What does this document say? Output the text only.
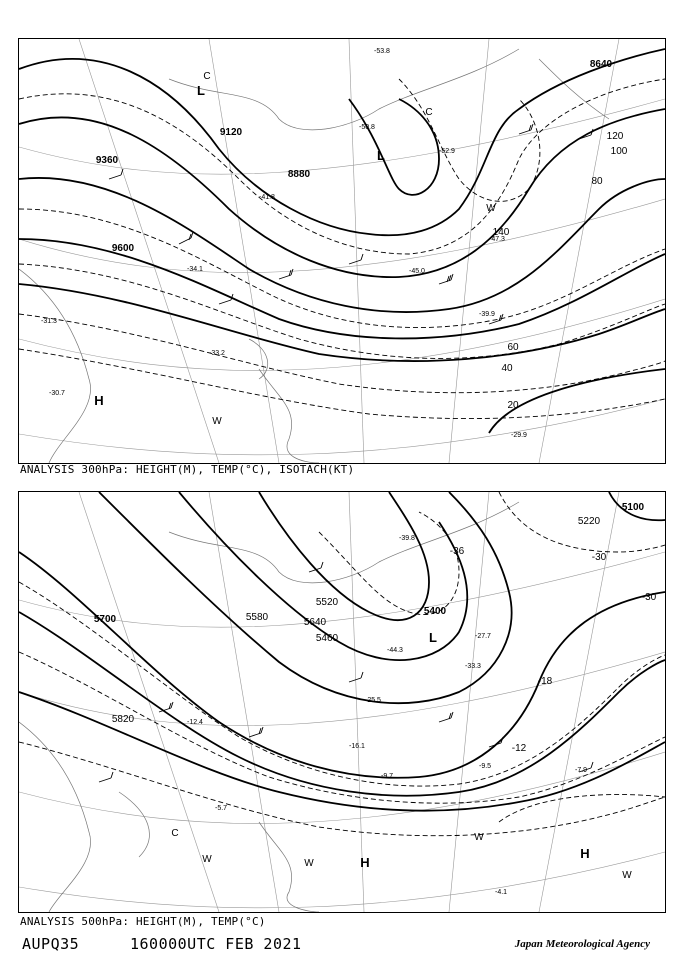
9120
9360
9600
8880
8640
20
40
60
80
100
120
140
L
L
H
C
C
W
W
-29.9
-31.3
-30.7
-33.2
-39.9
-45.0
-47.3
-52.9
-53.8
-34.1
-41.8
-50.8
ANALYSIS 300hPa: HEIGHT(M), TEMP(°C), ISOTACH(KT)
5700
5820
5640
5460
5520
5580
5220
5100
5400
-36
-30
-30
-18
-12
L
H
H
W	W
W
W
C
-4.1
-7.9
-9.5
-16.1
-25.5
-33.3
-39.8
-44.3
-5.7
-9.7
-12.4
-27.7
ANALYSIS 500hPa: HEIGHT(M), TEMP(°C)
AUPQ35	160000UTC FEB 2021	Japan Meteorological Agency
